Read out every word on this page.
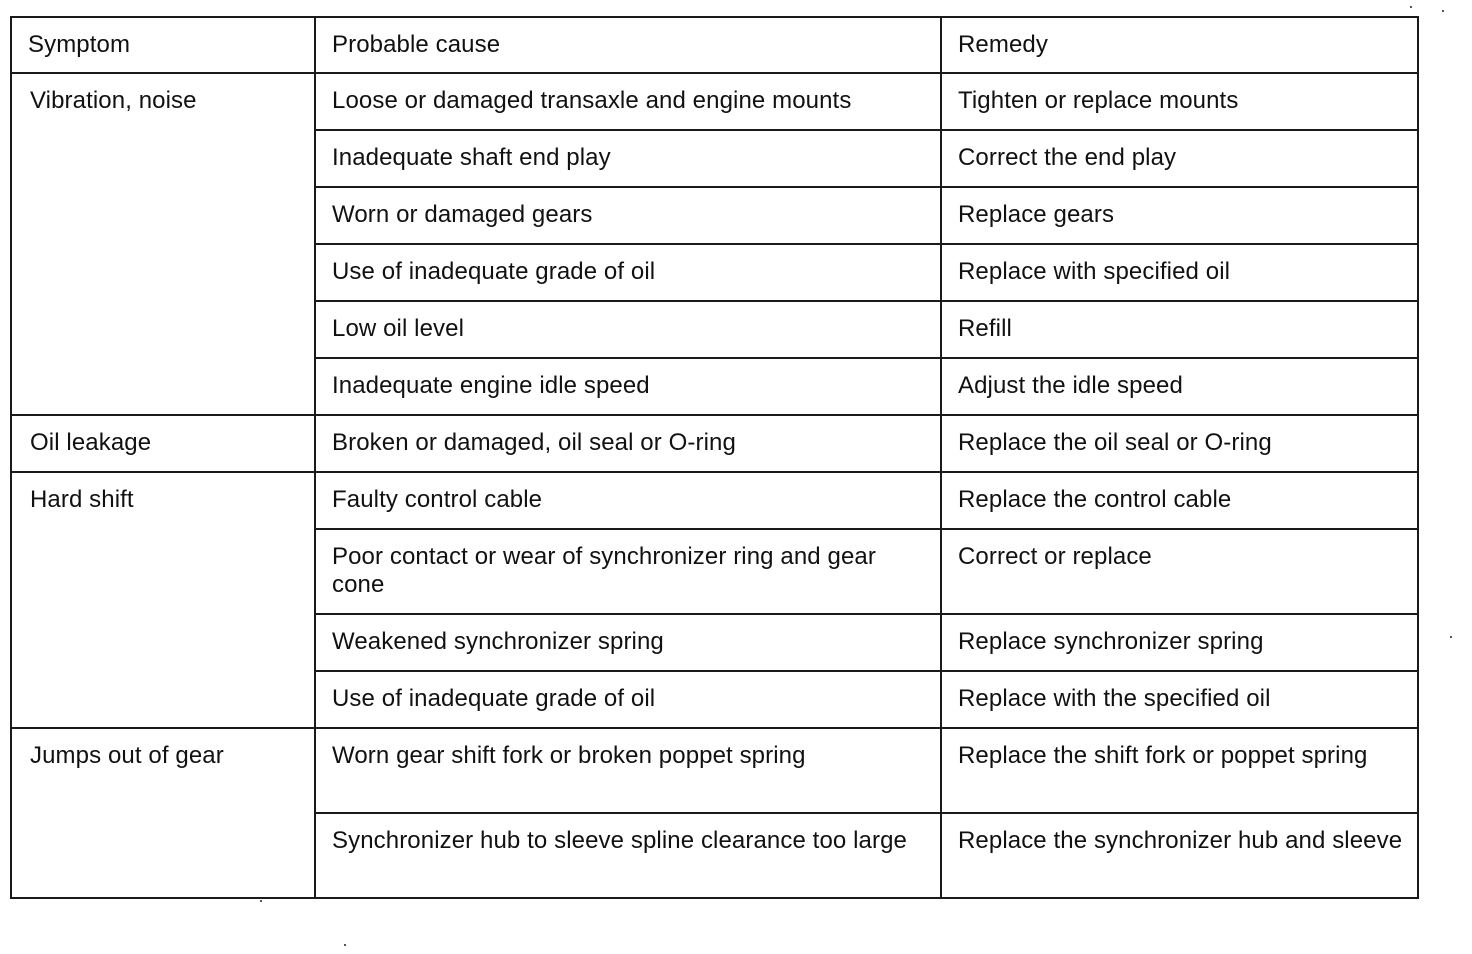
Symptom	Probable cause	Remedy
Vibration, noise	Loose or damaged transaxle and engine mounts	Tighten or replace mounts
	Inadequate shaft end play	Correct the end play
	Worn or damaged gears	Replace gears
	Use of inadequate grade of oil	Replace with specified oil
	Low oil level	Refill
	Inadequate engine idle speed	Adjust the idle speed
Oil leakage	Broken or damaged, oil seal or O-ring	Replace the oil seal or O-ring
Hard shift	Faulty control cable	Replace the control cable
	Poor contact or wear of synchronizer ring and gear cone	Correct or replace
	Weakened synchronizer spring	Replace synchronizer spring
	Use of inadequate grade of oil	Replace with the specified oil
Jumps out of gear	Worn gear shift fork or broken poppet spring	Replace the shift fork or poppet spring
	Synchronizer hub to sleeve spline clearance too large	Replace the synchronizer hub and sleeve
